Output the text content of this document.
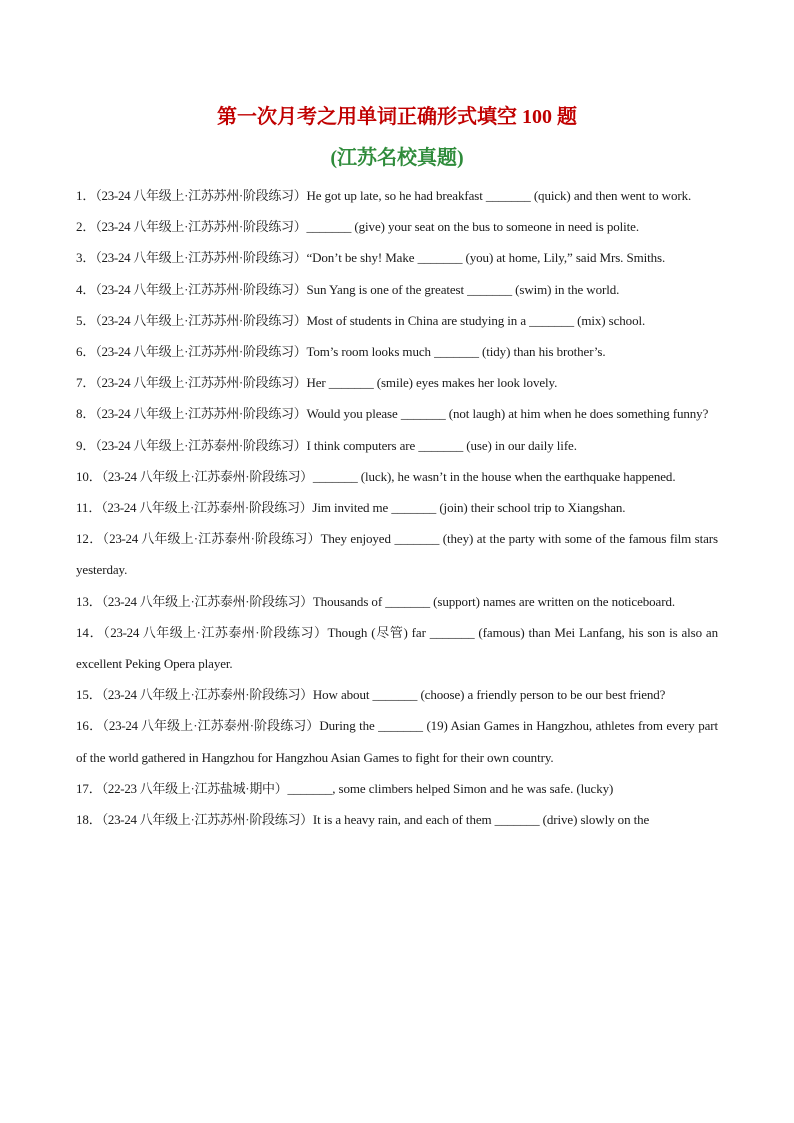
第一次月考之用单词正确形式填空 100 题
(江苏名校真题)
1．（23-24 八年级上·江苏苏州·阶段练习）He got up late, so he had breakfast _______ (quick) and then went to work.
2．（23-24 八年级上·江苏苏州·阶段练习）_______ (give) your seat on the bus to someone in need is polite.
3．（23-24 八年级上·江苏苏州·阶段练习）“Don’t be shy! Make _______ (you) at home, Lily,” said Mrs. Smiths.
4．（23-24 八年级上·江苏苏州·阶段练习）Sun Yang is one of the greatest _______ (swim) in the world.
5．（23-24 八年级上·江苏苏州·阶段练习）Most of students in China are studying in a _______ (mix) school.
6．（23-24 八年级上·江苏苏州·阶段练习）Tom’s room looks much _______ (tidy) than his brother’s.
7．（23-24 八年级上·江苏苏州·阶段练习）Her _______ (smile) eyes makes her look lovely.
8．（23-24 八年级上·江苏苏州·阶段练习）Would you please _______ (not laugh) at him when he does something funny?
9．（23-24 八年级上·江苏泰州·阶段练习）I think computers are _______ (use) in our daily life.
10．（23-24 八年级上·江苏泰州·阶段练习）_______ (luck), he wasn’t in the house when the earthquake happened.
11．（23-24 八年级上·江苏泰州·阶段练习）Jim invited me _______ (join) their school trip to Xiangshan.
12．（23-24 八年级上·江苏泰州·阶段练习）They enjoyed _______ (they) at the party with some of the famous film stars yesterday.
13．（23-24 八年级上·江苏泰州·阶段练习）Thousands of _______ (support) names are written on the noticeboard.
14．（23-24 八年级上·江苏泰州·阶段练习）Though (尽管) far _______ (famous) than Mei Lanfang, his son is also an excellent Peking Opera player.
15．（23-24 八年级上·江苏泰州·阶段练习）How about _______ (choose) a friendly person to be our best friend?
16．（23-24 八年级上·江苏泰州·阶段练习）During the _______ (19) Asian Games in Hangzhou, athletes from every part of the world gathered in Hangzhou for Hangzhou Asian Games to fight for their own country.
17．（22-23 八年级上·江苏盐城·期中）_______, some climbers helped Simon and he was safe. (lucky)
18．（23-24 八年级上·江苏苏州·阶段练习）It is a heavy rain, and each of them _______ (drive) slowly on the
